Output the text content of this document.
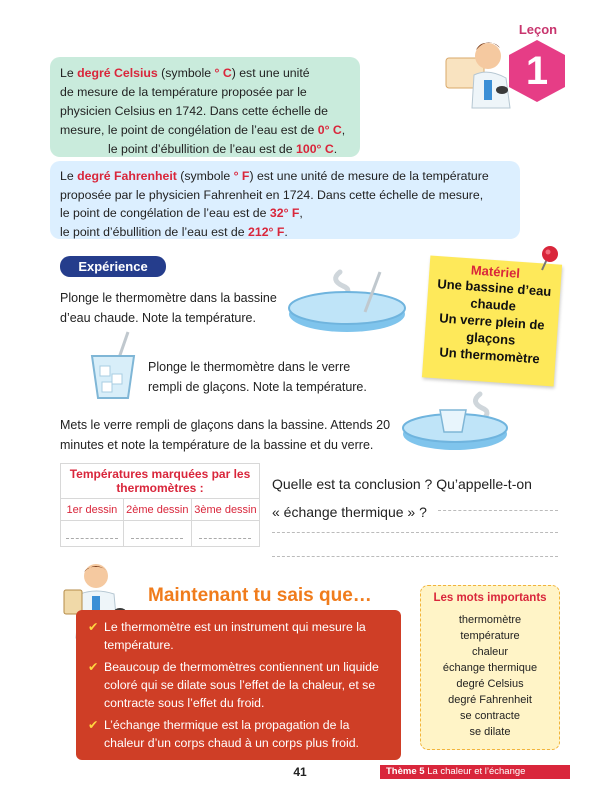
Leçon
1
Le degré Celsius (symbole ° C) est une unité
de mesure de la température proposée par le
physicien Celsius en 1742. Dans cette échelle de
mesure, le point de congélation de l’eau est de 0° C,
le point d’ébullition de l’eau est de 100° C.
Le degré Fahrenheit (symbole ° F) est une unité de mesure de la température
proposée par le physicien Fahrenheit en 1724. Dans cette échelle de mesure,
le point de congélation de l’eau est de 32° F,
le point d’ébullition de l’eau est de 212° F.
Expérience
Plonge le thermomètre dans la bassine d’eau chaude. Note la température.
Plonge le thermomètre dans le verre rempli de glaçons. Note la température.
Mets le verre rempli de glaçons dans la bassine. Attends 20 minutes et note la température de la bassine et du verre.
Matériel
Une bassine d’eau chaude
Un verre plein de glaçons
Un thermomètre
Températures marquées par les thermomètres :		
1er dessin	2ème dessin	3ème dessin

Quelle est ta conclusion ? Qu’appelle-t-on
« échange thermique » ?
Maintenant tu sais que…
✔ Le thermomètre est un instrument qui mesure la température.
✔ Beaucoup de thermomètres contiennent un liquide coloré qui se dilate sous l’effet de la chaleur, et se contracte sous l’effet du froid.
✔ L’échange thermique est la propagation de la chaleur d’un corps chaud à un corps plus froid.
Les mots importants
thermomètre
température
chaleur
échange thermique
degré Celsius
degré Fahrenheit
se contracte
se dilate
41	Thème 5 La chaleur et l’échange thermique
